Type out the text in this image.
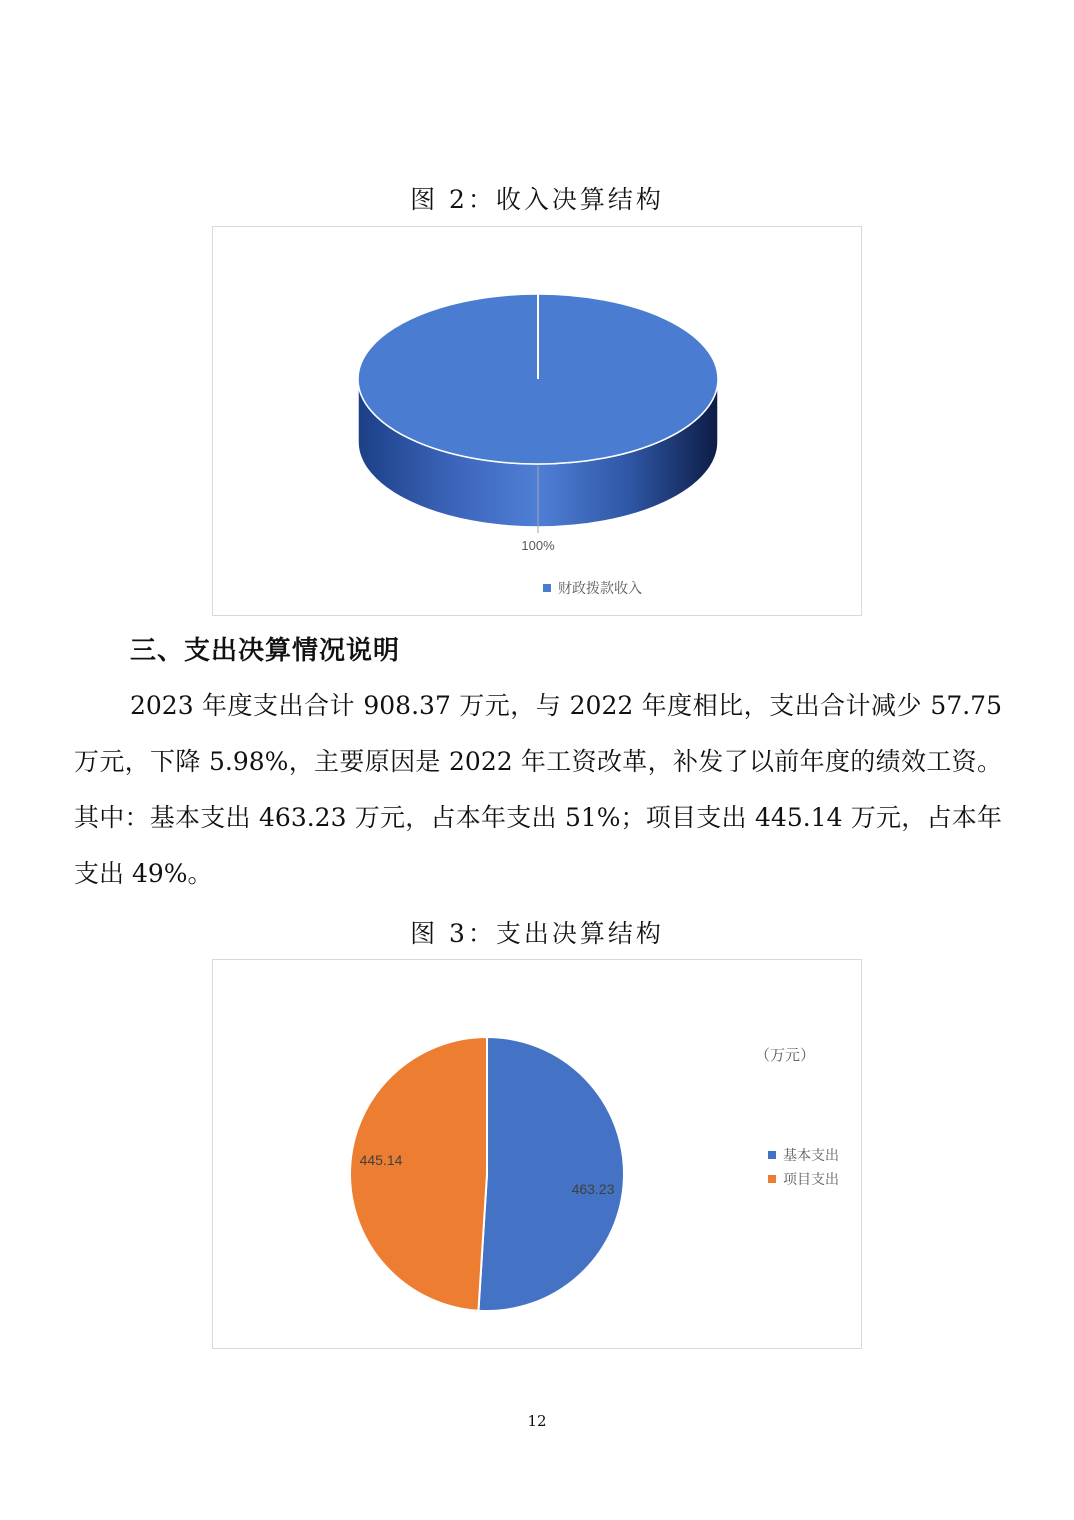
图 2：收入决算结构
100%
财政拨款收入
三、支出决算情况说明
2023 年度支出合计 908.37 万元，与 2022 年度相比，支出合计减少 57.75 万元，下降 5.98%，主要原因是 2022 年工资改革，补发了以前年度的绩效工资。其中：基本支出 463.23 万元，占本年支出 51%；项目支出 445.14 万元，占本年支出 49%。
图 3：支出决算结构
463.23
445.14
（万元）
基本支出
项目支出
12
